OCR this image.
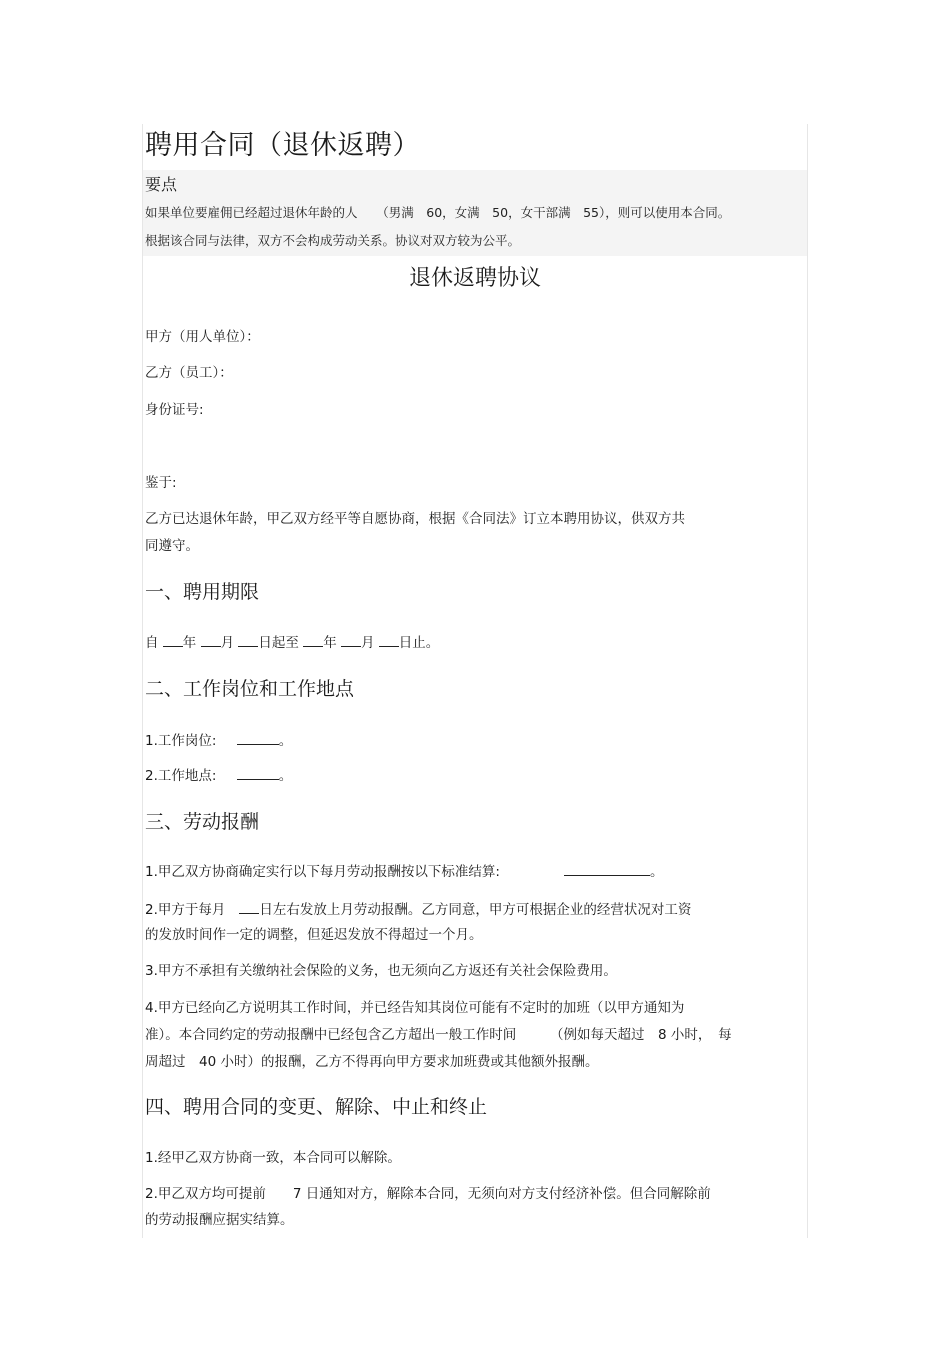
聘用合同（退休返聘）
要点
如果单位要雇佣已经超过退休年龄的人　　（男满　60，女满　50，女干部满　55），则可以使用本合同。
根据该合同与法律，双方不会构成劳动关系。协议对双方较为公平。
退休返聘协议
甲方（用人单位）：
乙方（员工）：
身份证号:
鉴于:
乙方已达退休年龄，甲乙双方经平等自愿协商，根据《合同法》订立本聘用协议，供双方共
同遵守。
一、聘用期限
自 年 月 日起至 年 月 日止。
二、工作岗位和工作地点
1.工作岗位:	。
2.工作地点:	。
三、劳动报酬
1.甲乙双方协商确定实行以下每月劳动报酬按以下标准结算:	。
2.甲方于每月	日左右发放上月劳动报酬。乙方同意，甲方可根据企业的经营状况对工资
的发放时间作一定的调整，但延迟发放不得超过一个月。
3.甲方不承担有关缴纳社会保险的义务，也无须向乙方返还有关社会保险费用。
4.甲方已经向乙方说明其工作时间，并已经告知其岗位可能有不定时的加班（以甲方通知为
准）。本合同约定的劳动报酬中已经包含乙方超出一般工作时间　　　（例如每天超过　8 小时，　每
周超过　40 小时）的报酬，乙方不得再向甲方要求加班费或其他额外报酬。
四、聘用合同的变更、解除、中止和终止
1.经甲乙双方协商一致，本合同可以解除。
2.甲乙双方均可提前　　7 日通知对方，解除本合同，无须向对方支付经济补偿。但合同解除前
的劳动报酬应据实结算。
